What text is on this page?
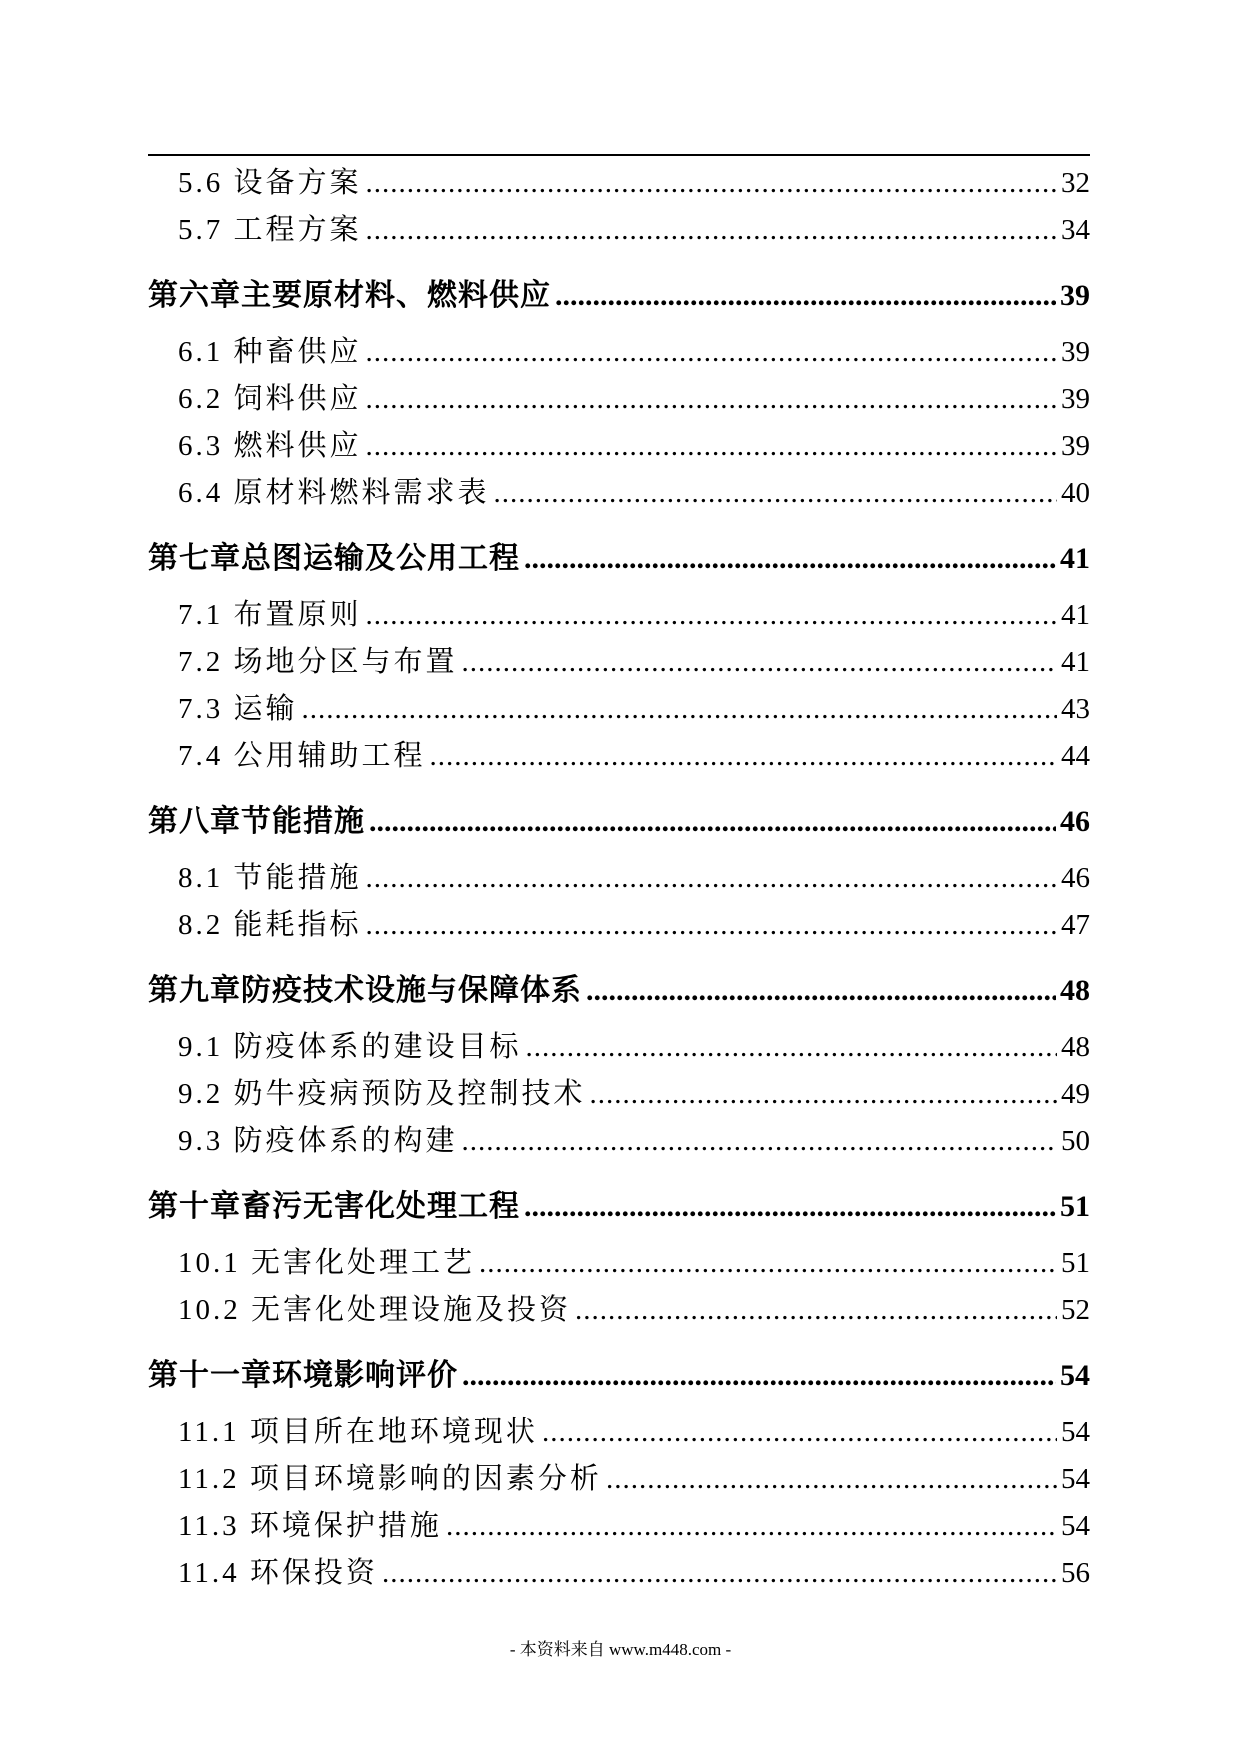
5.6 设备方案 .....	32
5.7 工程方案 .....	34
第六章主要原材料、燃料供应 .....	39
6.1 种畜供应 .....	39
6.2 饲料供应 .....	39
6.3 燃料供应 .....	39
6.4 原材料燃料需求表 .....	40
第七章总图运输及公用工程 .....	41
7.1 布置原则 .....	41
7.2 场地分区与布置 .....	41
7.3 运输 .....	43
7.4 公用辅助工程 .....	44
第八章节能措施 .....	46
8.1 节能措施 .....	46
8.2 能耗指标 .....	47
第九章防疫技术设施与保障体系 .....	48
9.1 防疫体系的建设目标 .....	48
9.2 奶牛疫病预防及控制技术 .....	49
9.3 防疫体系的构建 .....	50
第十章畜污无害化处理工程 .....	51
10.1 无害化处理工艺 .....	51
10.2 无害化处理设施及投资 .....	52
第十一章环境影响评价 .....	54
11.1 项目所在地环境现状 .....	54
11.2 项目环境影响的因素分析 .....	54
11.3 环境保护措施 .....	54
11.4 环保投资 .....	56
- 本资料来自 www.m448.com -
